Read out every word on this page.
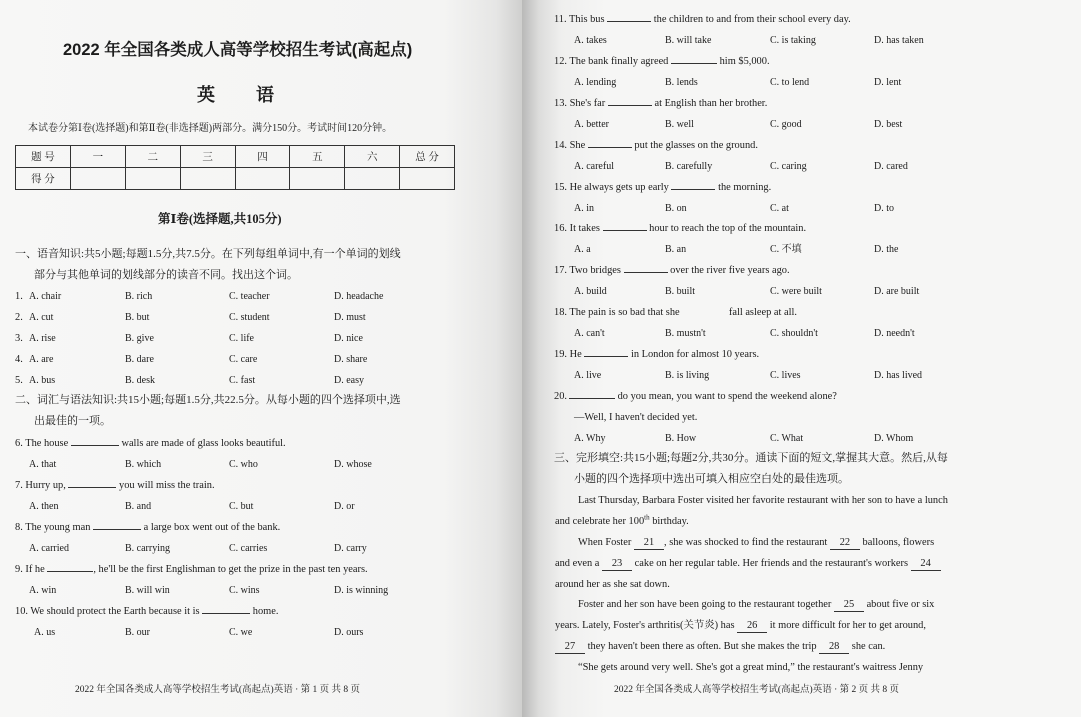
2022 年全国各类成人高等学校招生考试(高起点)
英 语
本试卷分第Ⅰ卷(选择题)和第Ⅱ卷(非选择题)两部分。满分150分。考试时间120分钟。
题 号	一	二	三	四	五	六	总 分
得 分							
第Ⅰ卷(选择题,共105分)
一、语音知识:共5小题;每题1.5分,共7.5分。在下列每组单词中,有一个单词的划线
部分与其他单词的划线部分的读音不同。找出这个词。
1. A. chair	B. rich	C. teacher	D. headache
2. A. cut	B. but	C. student	D. must
3. A. rise	B. give	C. life	D. nice
4. A. are	B. dare	C. care	D. share
5. A. bus	B. desk	C. fast	D. easy
二、词汇与语法知识:共15小题;每题1.5分,共22.5分。从每小题的四个选择项中,选
出最佳的一项。
6. The house	walls are made of glass looks beautiful.
A. that	B. which	C. who	D. whose
7. Hurry up,	you will miss the train.
A. then	B. and	C. but	D. or
8. The young man	a large box went out of the bank.
A. carried	B. carrying	C. carries	D. carry
9. If he	, he'll be the first Englishman to get the prize in the past ten years.
A. win	B. will win	C. wins	D. is winning
10. We should protect the Earth because it is	home.
A. us	B. our	C. we	D. ours
2022 年全国各类成人高等学校招生考试(高起点)英语 · 第 1 页 共 8 页
11. This bus	the children to and from their school every day.
A. takes	B. will take	C. is taking	D. has taken
12. The bank finally agreed	him $5,000.
A. lending	B. lends	C. to lend	D. lent
13. She's far	at English than her brother.
A. better	B. well	C. good	D. best
14. She	put the glasses on the ground.
A. careful	B. carefully	C. caring	D. cared
15. He always gets up early	the morning.
A. in	B. on	C. at	D. to
16. It takes	hour to reach the top of the mountain.
A. a	B. an	C. 不填	D. the
17. Two bridges	over the river five years ago.
A. build	B. built	C. were built	D. are built
18. The pain is so bad that she	fall asleep at all.
A. can't	B. mustn't	C. shouldn't	D. needn't
19. He	in London for almost 10 years.
A. live	B. is living	C. lives	D. has lived
20.	do you mean, you want to spend the weekend alone?
—Well, I haven't decided yet.
A. Why	B. How	C. What	D. Whom
三、完形填空:共15小题;每题2分,共30分。通读下面的短文,掌握其大意。然后,从每
小题的四个选择项中选出可填入相应空白处的最佳选项。
Last Thursday, Barbara Foster visited her favorite restaurant with her son to have a lunch
and celebrate her 100th birthday.
When Foster 21 , she was shocked to find the restaurant 22 balloons, flowers
and even a 23 cake on her regular table. Her friends and the restaurant's workers 24
around her as she sat down.
Foster and her son have been going to the restaurant together 25 about five or six
years. Lately, Foster's arthritis(关节炎) has 26 it more difficult for her to get around,
27 they haven't been there as often. But she makes the trip 28 she can.
“She gets around very well. She's got a great mind,” the restaurant's waitress Jenny
2022 年全国各类成人高等学校招生考试(高起点)英语 · 第 2 页 共 8 页
